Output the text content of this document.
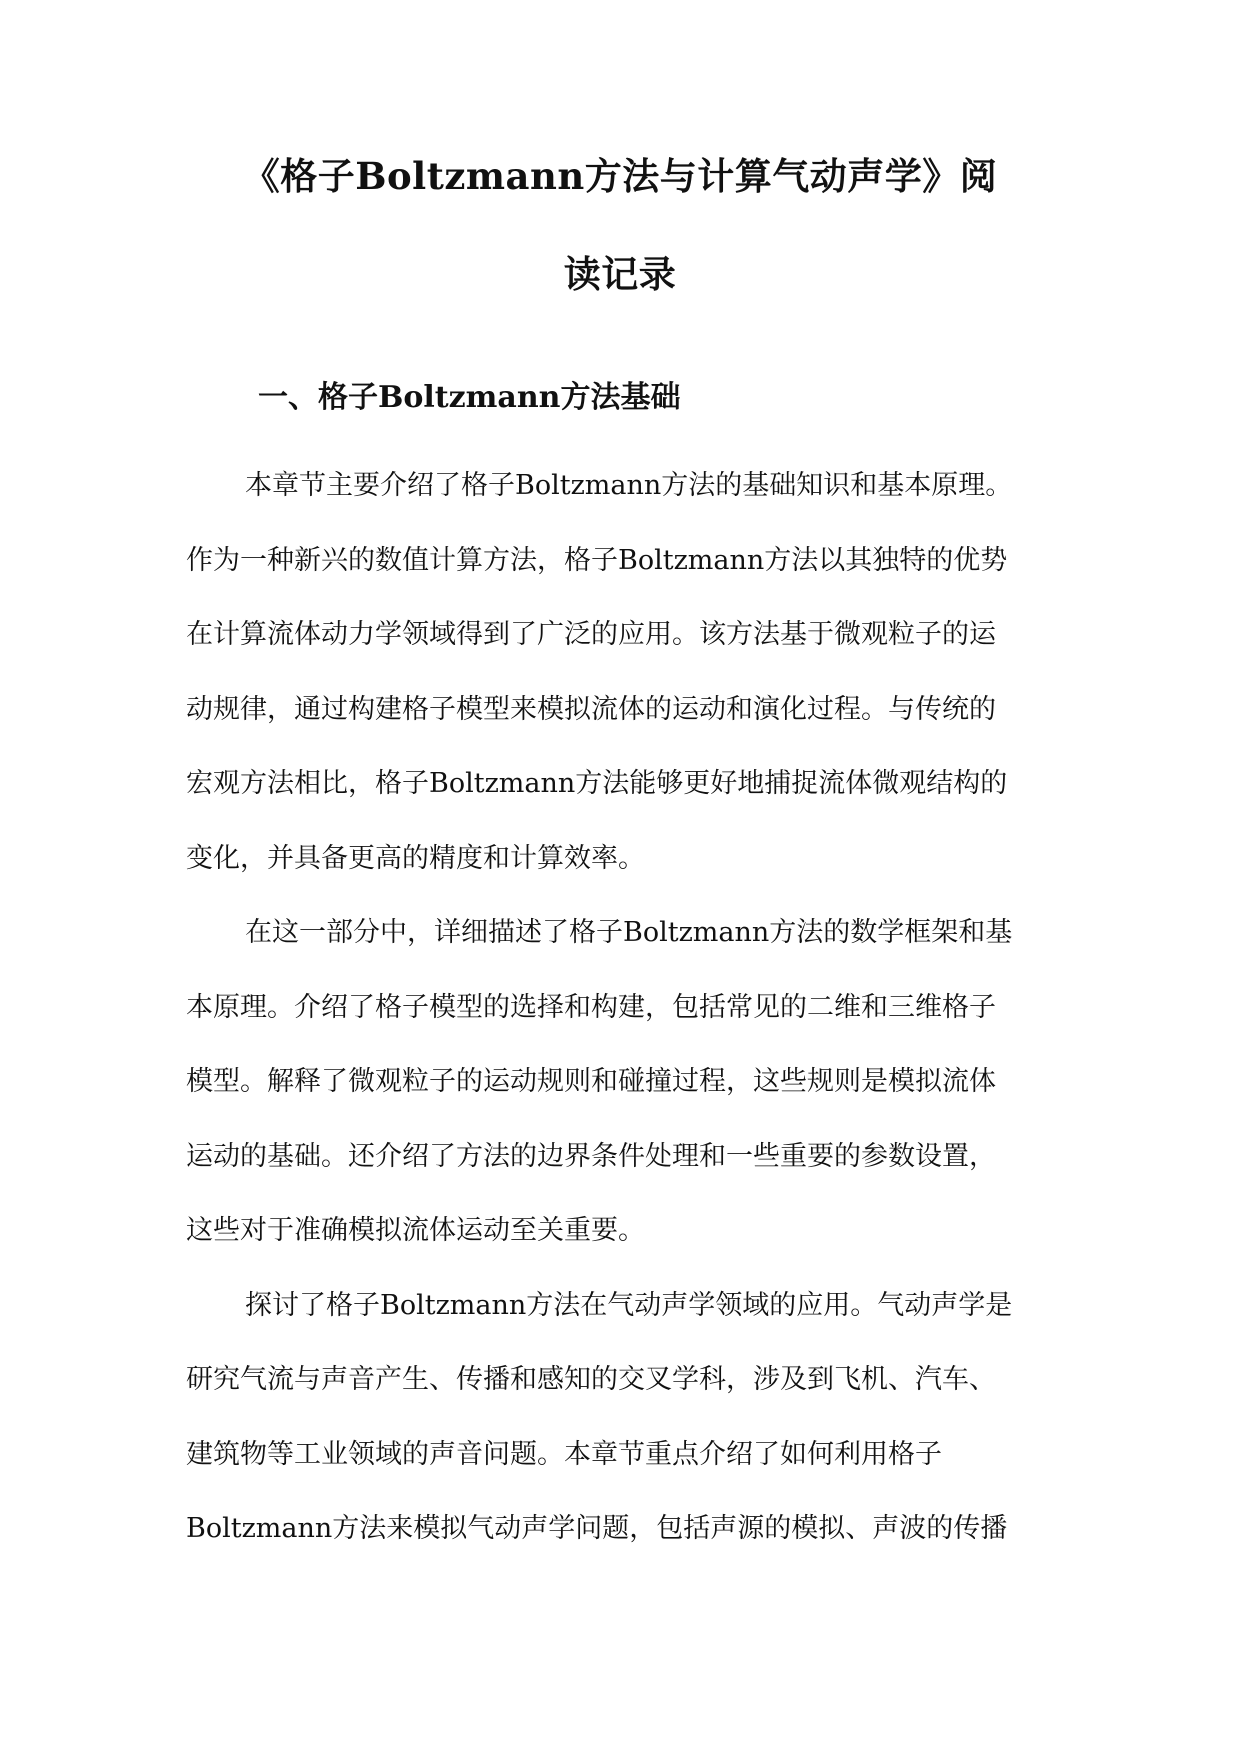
《格子Boltzmann方法与计算气动声学》阅
读记录
一、格子Boltzmann方法基础

本章节主要介绍了格子Boltzmann方法的基础知识和基本原理。

作为一种新兴的数值计算方法，格子Boltzmann方法以其独特的优势

在计算流体动力学领域得到了广泛的应用。该方法基于微观粒子的运

动规律，通过构建格子模型来模拟流体的运动和演化过程。与传统的

宏观方法相比，格子Boltzmann方法能够更好地捕捉流体微观结构的

变化，并具备更高的精度和计算效率。

在这一部分中，详细描述了格子Boltzmann方法的数学框架和基

本原理。介绍了格子模型的选择和构建，包括常见的二维和三维格子

模型。解释了微观粒子的运动规则和碰撞过程，这些规则是模拟流体

运动的基础。还介绍了方法的边界条件处理和一些重要的参数设置，

这些对于准确模拟流体运动至关重要。

探讨了格子Boltzmann方法在气动声学领域的应用。气动声学是

研究气流与声音产生、传播和感知的交叉学科，涉及到飞机、汽车、

建筑物等工业领域的声音问题。本章节重点介绍了如何利用格子

Boltzmann方法来模拟气动声学问题，包括声源的模拟、声波的传播
